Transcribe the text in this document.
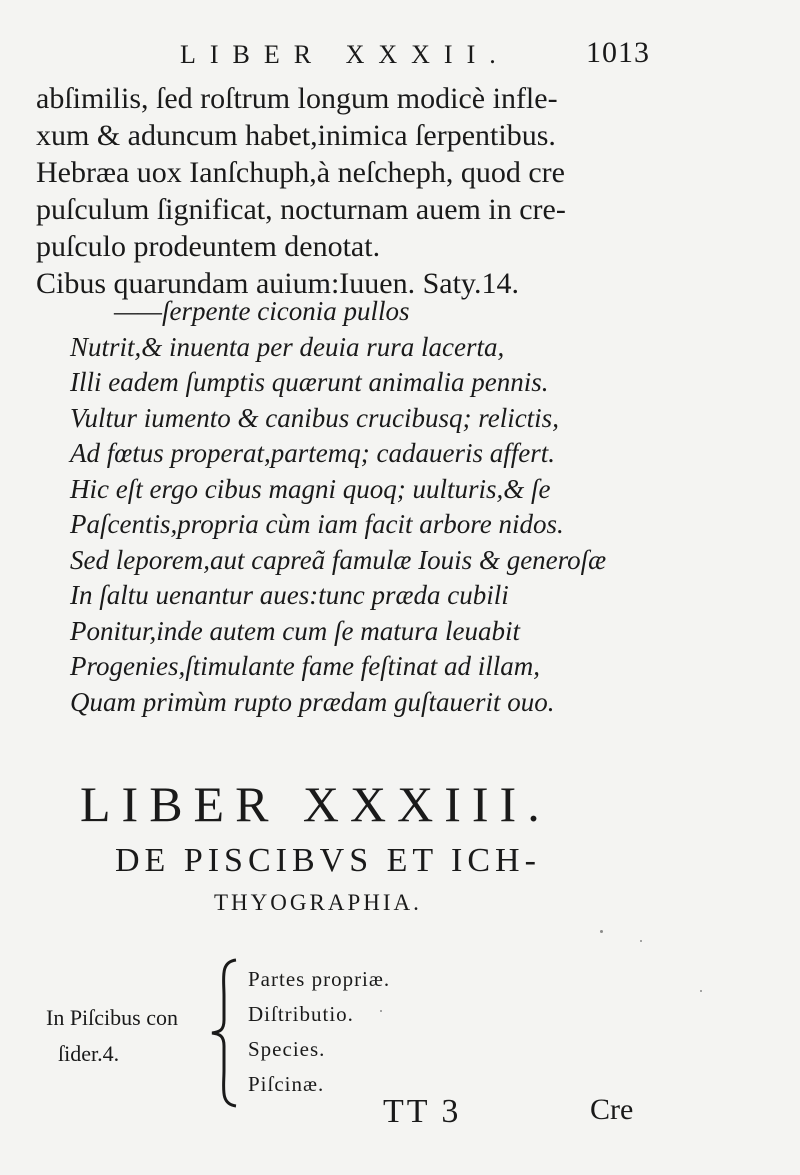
LIBER XXXII.	1013
abſimilis, ſed roſtrum longum modicè infle-
xum & aduncum habet,inimica ſerpentibus.
Hebræa uox Ianſchuph,à neſcheph, quod cre
puſculum ſignificat, nocturnam auem in cre-
puſculo prodeuntem denotat.
Cibus quarundam auium:Iuuen. Saty.14.
——ſerpente ciconia pullos
Nutrit,& inuenta per deuia rura lacerta,
Illi eadem ſumptis quærunt animalia pennis.
Vultur iumento & canibus crucibusq; relictis,
Ad fœtus properat,partemq; cadaueris affert.
Hic eſt ergo cibus magni quoq; uulturis,& ſe
Paſcentis,propria cùm iam facit arbore nidos.
Sed leporem,aut capreã famulæ Iouis & generoſæ
In ſaltu uenantur aues:tunc præda cubili
Ponitur,inde autem cum ſe matura leuabit
Progenies,ſtimulante fame feſtinat ad illam,
Quam primùm rupto prædam guſtauerit ouo.
LIBER XXXIII.
DE PISCIBVS ET ICH-
THYOGRAPHIA.
In Piſcibus con
ſider.4.
Partes propriæ.
Diſtributio.
Species.
Piſcinæ.
TT 3	Cre
